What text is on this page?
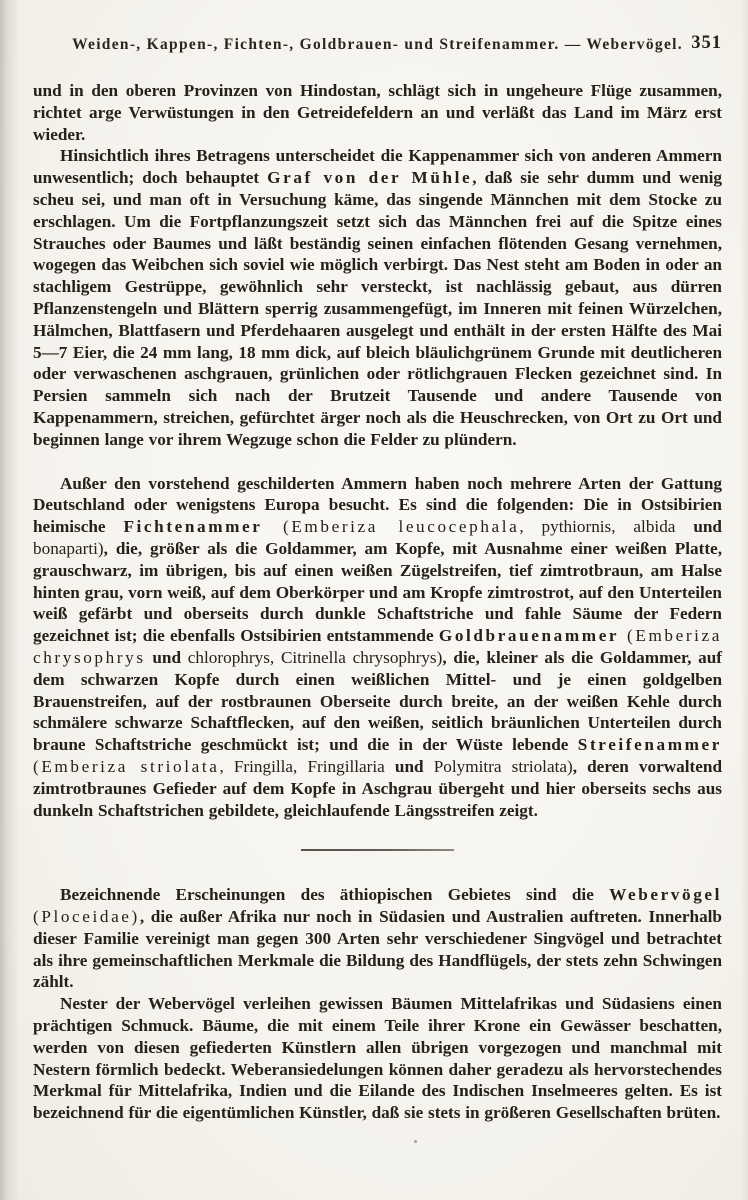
Weiden-, Kappen-, Fichten-, Goldbrauen- und Streifenammer. — Webervögel. 351

und in den oberen Provinzen von Hindostan, schlägt sich in ungeheure Flüge zusammen, richtet arge Verwüstungen in den Getreidefeldern an und verläßt das Land im März erst wieder.

Hinsichtlich ihres Betragens unterscheidet die Kappenammer sich von anderen Ammern unwesentlich; doch behauptet Graf von der Mühle, daß sie sehr dumm und wenig scheu sei, und man oft in Versuchung käme, das singende Männchen mit dem Stocke zu erschlagen. Um die Fortpflanzungszeit setzt sich das Männchen frei auf die Spitze eines Strauches oder Baumes und läßt beständig seinen einfachen flötenden Gesang vernehmen, wogegen das Weibchen sich soviel wie möglich verbirgt. Das Nest steht am Boden in oder an stachligem Gestrüppe, gewöhnlich sehr versteckt, ist nachlässig gebaut, aus dürren Pflanzenstengeln und Blättern sperrig zusammengefügt, im Inneren mit feinen Würzelchen, Hälmchen, Blattfasern und Pferdehaaren ausgelegt und enthält in der ersten Hälfte des Mai 5—7 Eier, die 24 mm lang, 18 mm dick, auf bleich bläulichgrünem Grunde mit deutlicheren oder verwaschenen aschgrauen, grünlichen oder rötlichgrauen Flecken gezeichnet sind. In Persien sammeln sich nach der Brutzeit Tausende und andere Tausende von Kappenammern, streichen, gefürchtet ärger noch als die Heuschrecken, von Ort zu Ort und beginnen lange vor ihrem Wegzuge schon die Felder zu plündern.

Außer den vorstehend geschilderten Ammern haben noch mehrere Arten der Gattung Deutschland oder wenigstens Europa besucht. Es sind die folgenden: Die in Ostsibirien heimische Fichtenammer (Emberiza leucocephala, pythiornis, albida und bonaparti), die, größer als die Goldammer, am Kopfe, mit Ausnahme einer weißen Platte, grauschwarz, im übrigen, bis auf einen weißen Zügelstreifen, tief zimtrotbraun, am Halse hinten grau, vorn weiß, auf dem Oberkörper und am Kropfe zimtrostrot, auf den Unterteilen weiß gefärbt und oberseits durch dunkle Schaftstriche und fahle Säume der Federn gezeichnet ist; die ebenfalls Ostsibirien entstammende Goldbrauenammer (Emberiza chrysophrys und chlorophrys, Citrinella chrysophrys), die, kleiner als die Goldammer, auf dem schwarzen Kopfe durch einen weißlichen Mittel- und je einen goldgelben Brauenstreifen, auf der rostbraunen Oberseite durch breite, an der weißen Kehle durch schmälere schwarze Schaftflecken, auf den weißen, seitlich bräunlichen Unterteilen durch braune Schaftstriche geschmückt ist; und die in der Wüste lebende Streifenammer (Emberiza striolata, Fringilla, Fringillaria und Polymitra striolata), deren vorwaltend zimtrotbraunes Gefieder auf dem Kopfe in Aschgrau übergeht und hier oberseits sechs aus dunkeln Schaftstrichen gebildete, gleichlaufende Längsstreifen zeigt.

Bezeichnende Erscheinungen des äthiopischen Gebietes sind die Webervögel (Ploceidae), die außer Afrika nur noch in Südasien und Australien auftreten. Innerhalb dieser Familie vereinigt man gegen 300 Arten sehr verschiedener Singvögel und betrachtet als ihre gemeinschaftlichen Merkmale die Bildung des Handflügels, der stets zehn Schwingen zählt.

Nester der Webervögel verleihen gewissen Bäumen Mittelafrikas und Südasiens einen prächtigen Schmuck. Bäume, die mit einem Teile ihrer Krone ein Gewässer beschatten, werden von diesen gefiederten Künstlern allen übrigen vorgezogen und manchmal mit Nestern förmlich bedeckt. Weberansiedelungen können daher geradezu als hervorstechendes Merkmal für Mittelafrika, Indien und die Eilande des Indischen Inselmeeres gelten. Es ist bezeichnend für die eigentümlichen Künstler, daß sie stets in größeren Gesellschaften brüten.
